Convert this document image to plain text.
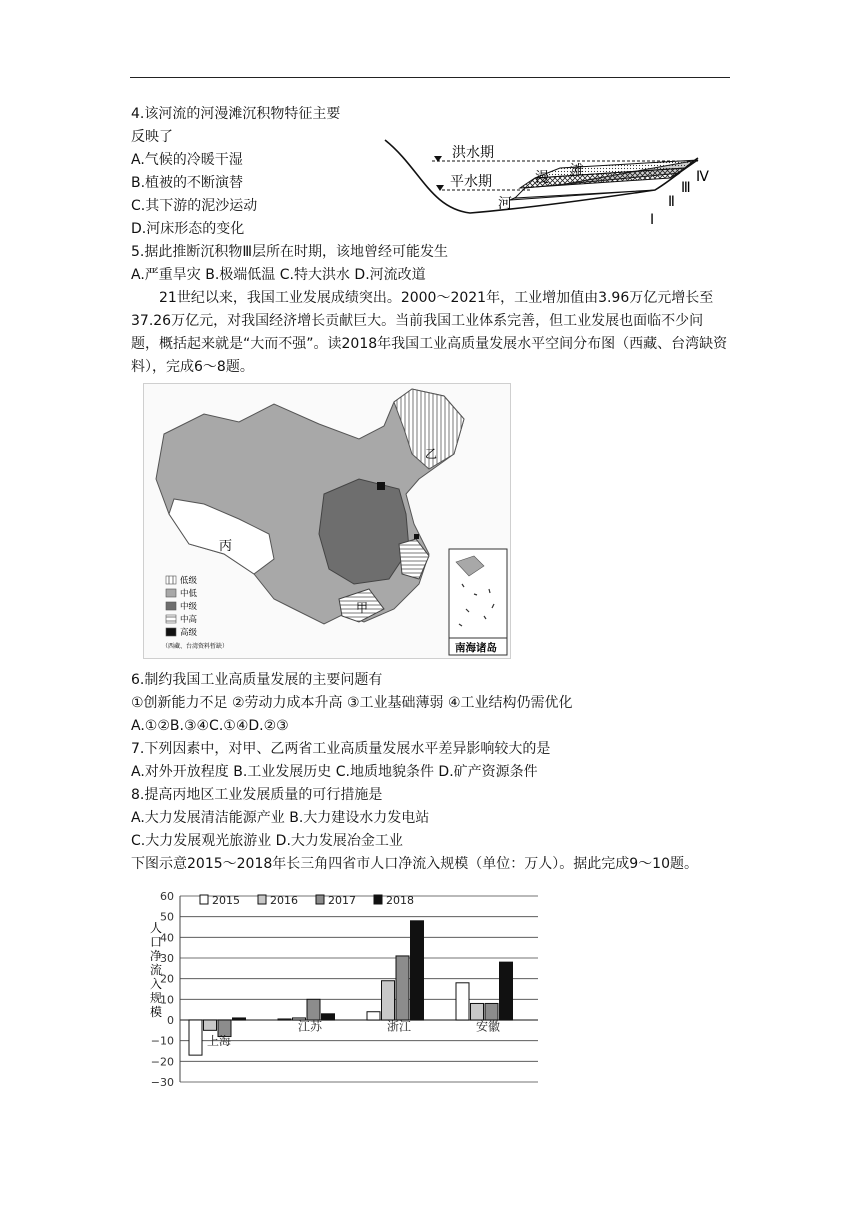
4.该河流的河漫滩沉积物特征主要
反映了
A.气候的冷暖干湿
B.植被的不断演替
C.其下游的泥沙运动
D.河床形态的变化
洪水期
平水期	漫 滩
河
Ⅰ
Ⅱ
Ⅲ
Ⅳ
5.据此推断沉积物Ⅲ层所在时期，该地曾经可能发生
A.严重旱灾 B.极端低温 C.特大洪水 D.河流改道
21世纪以来，我国工业发展成绩突出。2000～2021年，工业增加值由3.96万亿元增长至37.26万亿元，对我国经济增长贡献巨大。当前我国工业体系完善，但工业发展也面临不少问题，概括起来就是“大而不强”。读2018年我国工业高质量发展水平空间分布图（西藏、台湾缺资料），完成6～8题。
丙
乙
甲
低级
中低
中级
中高
高级
（西藏、台湾资料暂缺）	南海诸岛
6.制约我国工业高质量发展的主要问题有
①创新能力不足 ②劳动力成本升高 ③工业基础薄弱 ④工业结构仍需优化
A.①②B.③④C.①④D.②③
7.下列因素中，对甲、乙两省工业高质量发展水平差异影响较大的是
A.对外开放程度 B.工业发展历史 C.地质地貌条件 D.矿产资源条件
8.提高丙地区工业发展质量的可行措施是
A.大力发展清洁能源产业 B.大力建设水力发电站
C.大力发展观光旅游业 D.大力发展冶金工业
下图示意2015～2018年长三角四省市人口净流入规模（单位：万人）。据此完成9～10题。
60
50
40
30
20
10
0
−10
−20
−30
上海
江苏	浙江	安徽
2015	2016	2017	2018
人口净流入规模
